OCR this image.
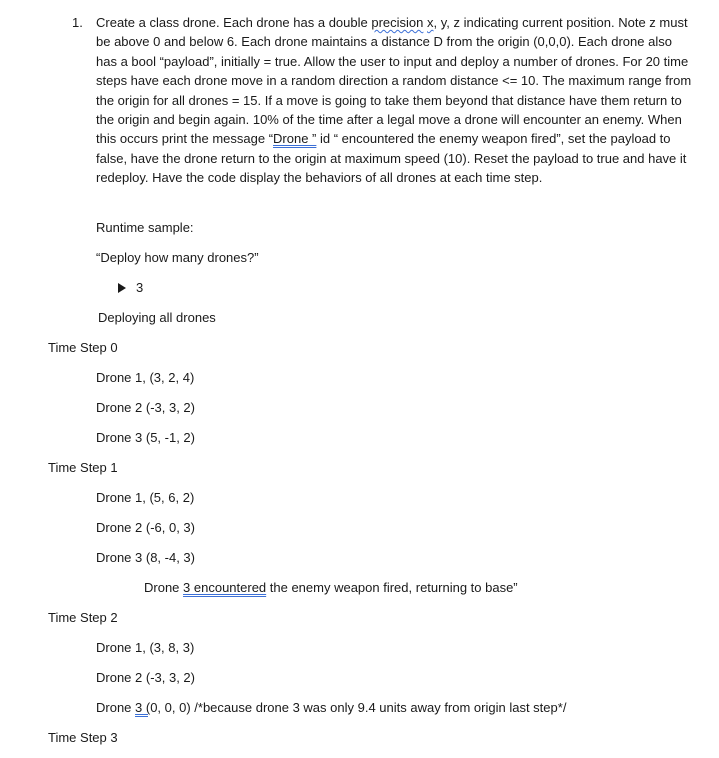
1. Create a class drone. Each drone has a double precision x, y, z indicating current position. Note z must be above 0 and below 6. Each drone maintains a distance D from the origin (0,0,0). Each drone also has a bool “payload”, initially = true. Allow the user to input and deploy a number of drones. For 20 time steps have each drone move in a random direction a random distance <= 10. The maximum range from the origin for all drones = 15. If a move is going to take them beyond that distance have them return to the origin and begin again. 10% of the time after a legal move a drone will encounter an enemy. When this occurs print the message “Drone ” id “ encountered the enemy weapon fired”, set the payload to false, have the drone return to the origin at maximum speed (10). Reset the payload to true and have it redeploy. Have the code display the behaviors of all drones at each time step.

Runtime sample:
“Deploy how many drones?”
3
Deploying all drones
Time Step 0
Drone 1, (3, 2, 4)
Drone 2 (-3, 3, 2)
Drone 3 (5, -1, 2)
Time Step 1
Drone 1, (5, 6, 2)
Drone 2 (-6, 0, 3)
Drone 3 (8, -4, 3)
Drone 3 encountered the enemy weapon fired, returning to base”
Time Step 2
Drone 1, (3, 8, 3)
Drone 2 (-3, 3, 2)
Drone 3 (0, 0, 0) /*because drone 3 was only 9.4 units away from origin last step*/
Time Step 3
